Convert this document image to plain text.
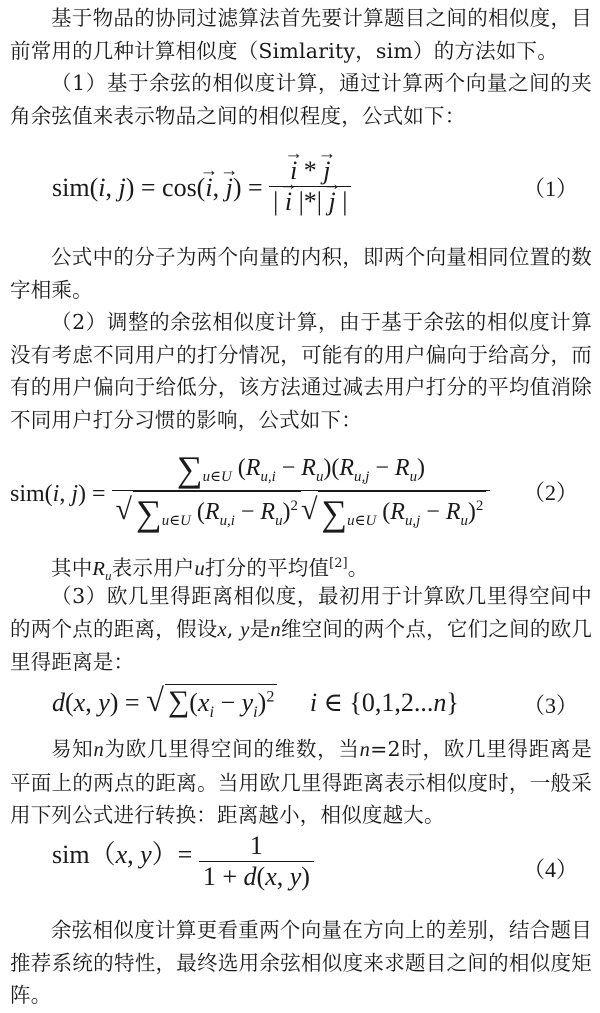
基于物品的协同过滤算法首先要计算题目之间的相似度，目前常用的几种计算相似度（Simlarity，sim）的方法如下。

（1）基于余弦的相似度计算，通过计算两个向量之间的夹角余弦值来表示物品之间的相似程度，公式如下：

sim(i, j) = cos(→ i, → j) =
→ $\frac{i * \to j}{| \to i |*| \to j |}$	（1）

公式中的分子为两个向量的内积，即两个向量相同位置的数字相乘。

（2）调整的余弦相似度计算，由于基于余弦的相似度计算没有考虑不同用户的打分情况，可能有的用户偏向于给高分，而有的用户偏向于给低分，该方法通过减去用户打分的平均值消除不同用户打分习惯的影响，公式如下：

sim(i, $j) = \frac{\sum_{u\in U} (R_{u,i} - R_u)(R_{u,j} - R_u)}{√ \sum_{u\in U} (R_{u,i} - R_u)^2 √ \sum_{u\in U} (R_{u,j} - R_u)^2} (2)$

其中$R_u$表示用户u打分的平均值[2]。

（3）欧几里得距离相似度，最初用于计算欧几里得空间中的两个点的距离，假设x, y是n维空间的两个点，它们之间的欧几里得距离是：

d(x, y) = √ $\sum(x_i - y_i)^2$ i ∈ {0,1,2...n}	（3）

易知n为欧几里得空间的维数，当n=2时，欧几里得距离是平面上的两点的距离。当用欧几里得距离表示相似度时，一般采用下列公式进行转换：距离越小，相似度越大。

sim（x, $y)= \frac{1}{1 + d(x, y)}$	（4）

余弦相似度计算更看重两个向量在方向上的差别，结合题目推荐系统的特性，最终选用余弦相似度来求题目之间的相似度矩阵。
